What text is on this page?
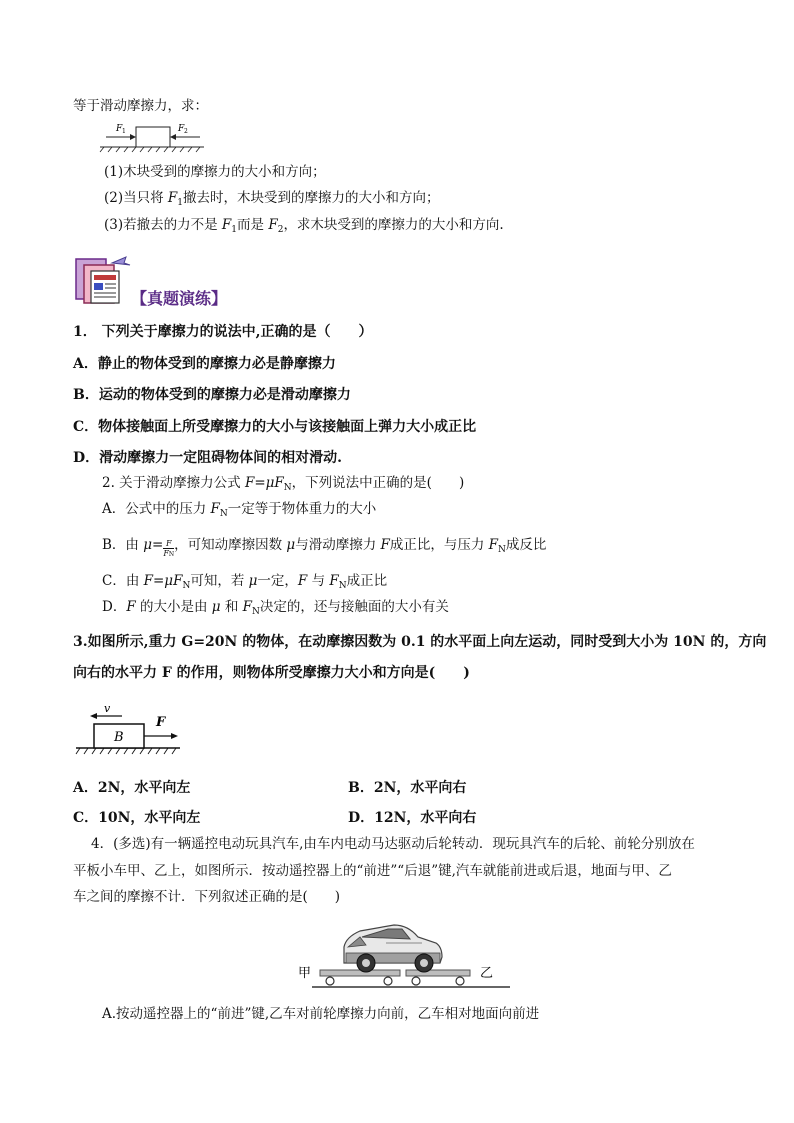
等于滑动摩擦力，求：
F 1	F 2
(1)木块受到的摩擦力的大小和方向；
(2)当只将 $F_1$撤去时，木块受到的摩擦力的大小和方向；
(3)若撤去的力不是 $F_1$而是 $F_2$，求木块受到的摩擦力的大小和方向.
【真题演练】
1． 下列关于摩擦力的说法中,正确的是（　　）
A．静止的物体受到的摩擦力必是静摩擦力
B．运动的物体受到的摩擦力必是滑动摩擦力
C．物体接触面上所受摩擦力的大小与该接触面上弹力大小成正比
D．滑动摩擦力一定阻碍物体间的相对滑动.
2. 关于滑动摩擦力公式 $F=\mu F_N$，下列说法中正确的是(　　)
A．公式中的压力 $F_N$一定等于物体重力的大小
B．由 $\mu= \frac{F}{FN}$ ，可知动摩擦因数 μ与滑动摩擦力 F成正比，与压力 $F_N$成反比
C．由 $F=\mu F_N$可知，若 μ一定，F 与 $F_N$成正比
D．F 的大小是由 μ 和 $F_N$决定的，还与接触面的大小有关
3.如图所示,重力 G=20N 的物体，在动摩擦因数为 0.1 的水平面上向左运动，同时受到大小为 10N 的，方向
向右的水平力 F 的作用，则物体所受摩擦力大小和方向是(　　)
B
v
F
A．2N，水平向左	B．2N，水平向右
C．10N，水平向左	D．12N，水平向右
4．(多选)有一辆遥控电动玩具汽车,由车内电动马达驱动后轮转动．现玩具汽车的后轮、前轮分别放在
平板小车甲、乙上，如图所示．按动遥控器上的“前进”“后退”键,汽车就能前进或后退，地面与甲、乙
车之间的摩擦不计．下列叙述正确的是(　　)
甲	乙
A.按动遥控器上的“前进”键,乙车对前轮摩擦力向前，乙车相对地面向前进
